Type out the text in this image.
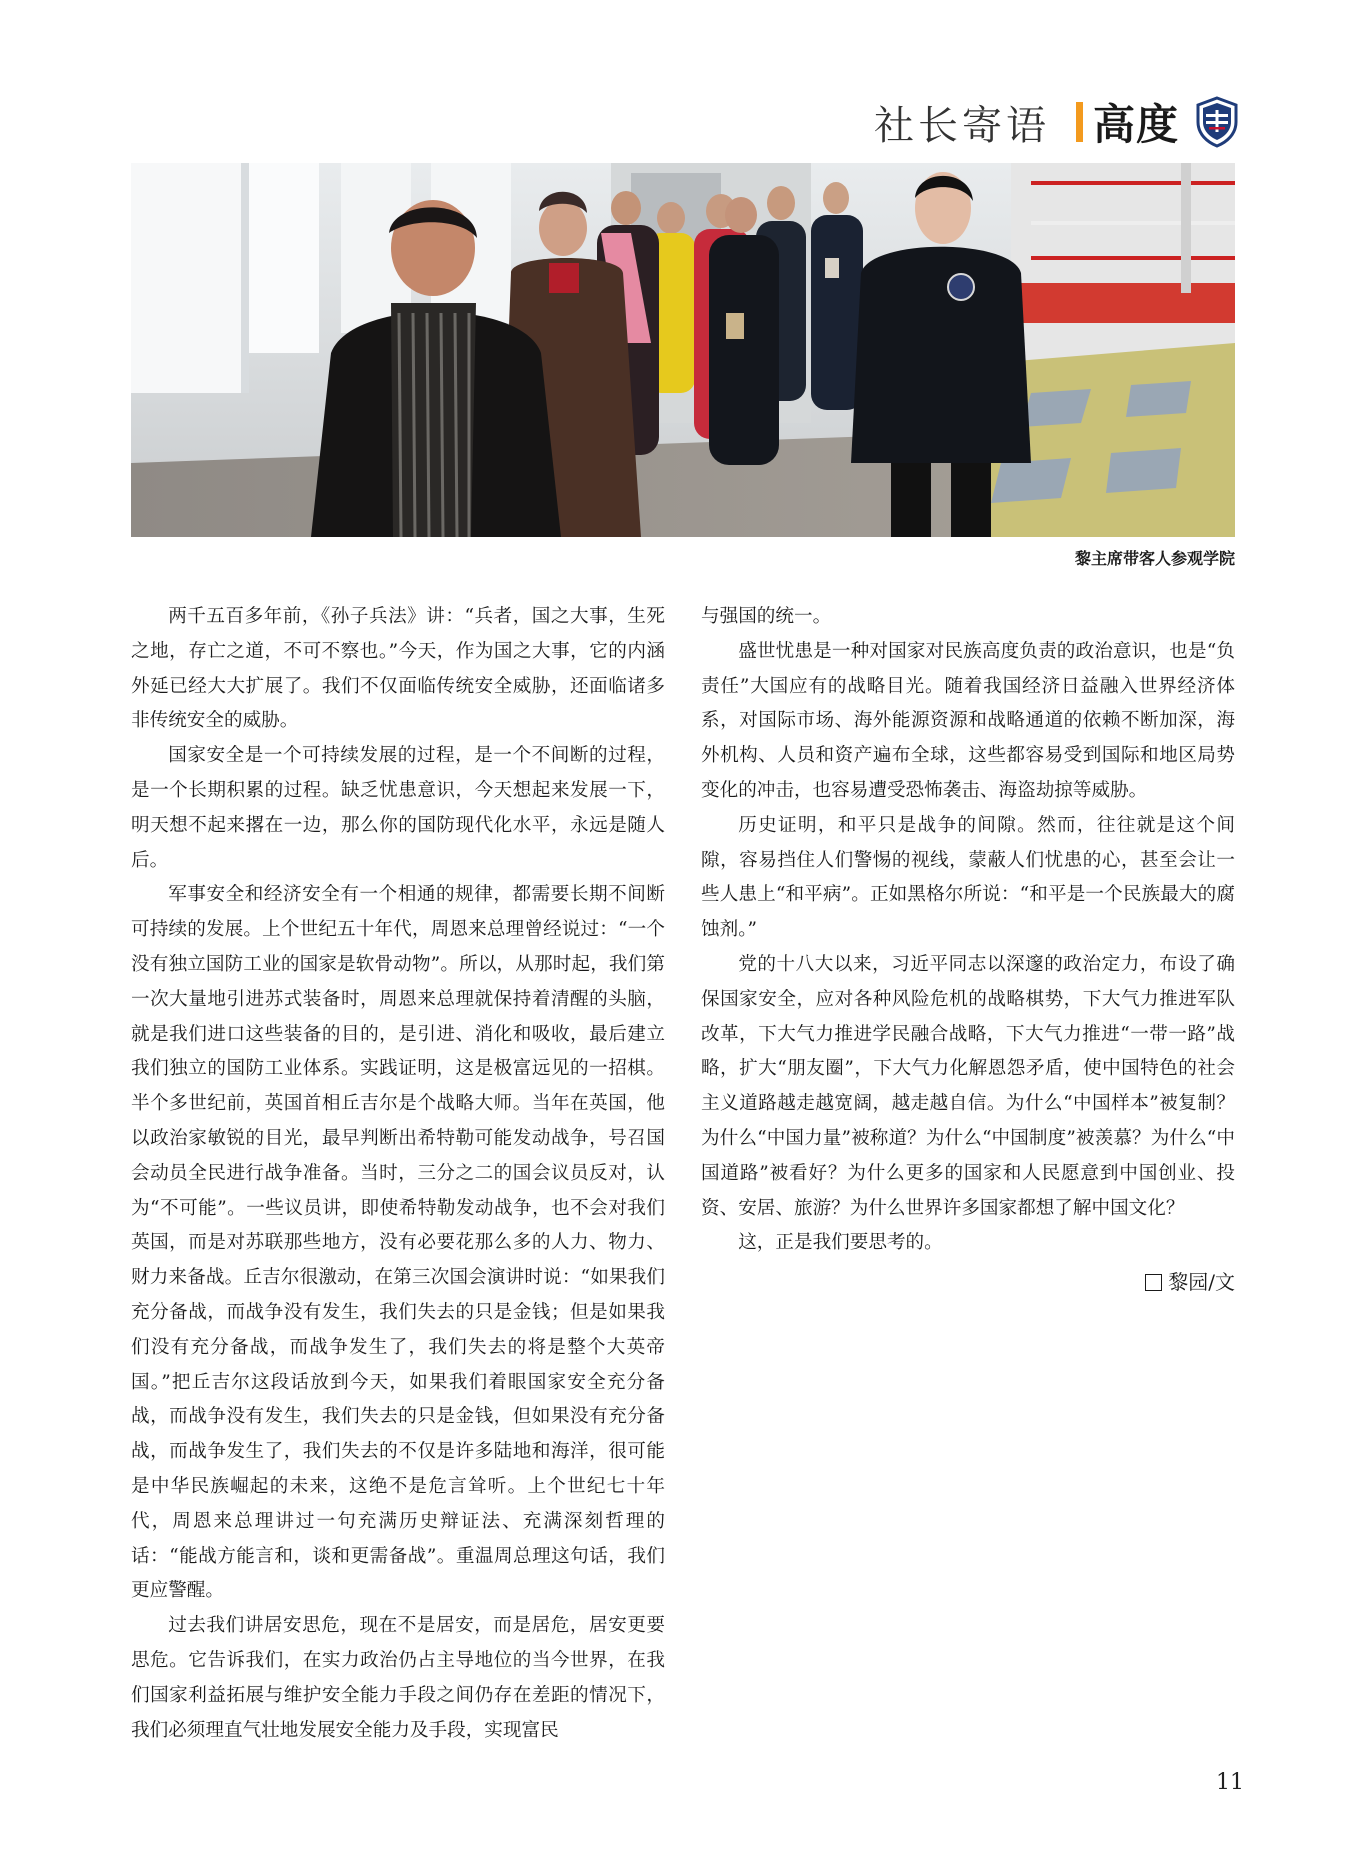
社长寄语 高度
黎主席带客人参观学院

两千五百多年前，《孙子兵法》讲：“兵者，国之大事，生死之地，存亡之道，不可不察也。”今天，作为国之大事，它的内涵外延已经大大扩展了。我们不仅面临传统安全威胁，还面临诸多非传统安全的威胁。

国家安全是一个可持续发展的过程，是一个不间断的过程，是一个长期积累的过程。缺乏忧患意识，今天想起来发展一下，明天想不起来撂在一边，那么你的国防现代化水平，永远是随人后。

军事安全和经济安全有一个相通的规律，都需要长期不间断可持续的发展。上个世纪五十年代，周恩来总理曾经说过：“一个没有独立国防工业的国家是软骨动物”。所以，从那时起，我们第一次大量地引进苏式装备时，周恩来总理就保持着清醒的头脑，就是我们进口这些装备的目的，是引进、消化和吸收，最后建立我们独立的国防工业体系。实践证明，这是极富远见的一招棋。半个多世纪前，英国首相丘吉尔是个战略大师。当年在英国，他以政治家敏锐的目光，最早判断出希特勒可能发动战争，号召国会动员全民进行战争准备。当时，三分之二的国会议员反对，认为“不可能”。一些议员讲，即使希特勒发动战争，也不会对我们英国，而是对苏联那些地方，没有必要花那么多的人力、物力、财力来备战。丘吉尔很激动，在第三次国会演讲时说：“如果我们充分备战，而战争没有发生，我们失去的只是金钱；但是如果我们没有充分备战，而战争发生了，我们失去的将是整个大英帝国。”把丘吉尔这段话放到今天，如果我们着眼国家安全充分备战，而战争没有发生，我们失去的只是金钱，但如果没有充分备战，而战争发生了，我们失去的不仅是许多陆地和海洋，很可能是中华民族崛起的未来，这绝不是危言耸听。上个世纪七十年代，周恩来总理讲过一句充满历史辩证法、充满深刻哲理的话：“能战方能言和，谈和更需备战”。重温周总理这句话，我们更应警醒。

过去我们讲居安思危，现在不是居安，而是居危，居安更要思危。它告诉我们，在实力政治仍占主导地位的当今世界，在我们国家利益拓展与维护安全能力手段之间仍存在差距的情况下，我们必须理直气壮地发展安全能力及手段，实现富民

与强国的统一。

盛世忧患是一种对国家对民族高度负责的政治意识，也是“负责任”大国应有的战略目光。随着我国经济日益融入世界经济体系，对国际市场、海外能源资源和战略通道的依赖不断加深，海外机构、人员和资产遍布全球，这些都容易受到国际和地区局势变化的冲击，也容易遭受恐怖袭击、海盗劫掠等威胁。

历史证明，和平只是战争的间隙。然而，往往就是这个间隙，容易挡住人们警惕的视线，蒙蔽人们忧患的心，甚至会让一些人患上“和平病”。正如黑格尔所说：“和平是一个民族最大的腐蚀剂。”

党的十八大以来，习近平同志以深邃的政治定力，布设了确保国家安全，应对各种风险危机的战略棋势，下大气力推进军队改革，下大气力推进学民融合战略，下大气力推进“一带一路”战略，扩大“朋友圈”，下大气力化解恩怨矛盾，使中国特色的社会主义道路越走越宽阔，越走越自信。为什么“中国样本”被复制？为什么“中国力量”被称道？为什么“中国制度”被羡慕？为什么“中国道路”被看好？为什么更多的国家和人民愿意到中国创业、投资、安居、旅游？为什么世界许多国家都想了解中国文化？

这，正是我们要思考的。

黎园/文
11
